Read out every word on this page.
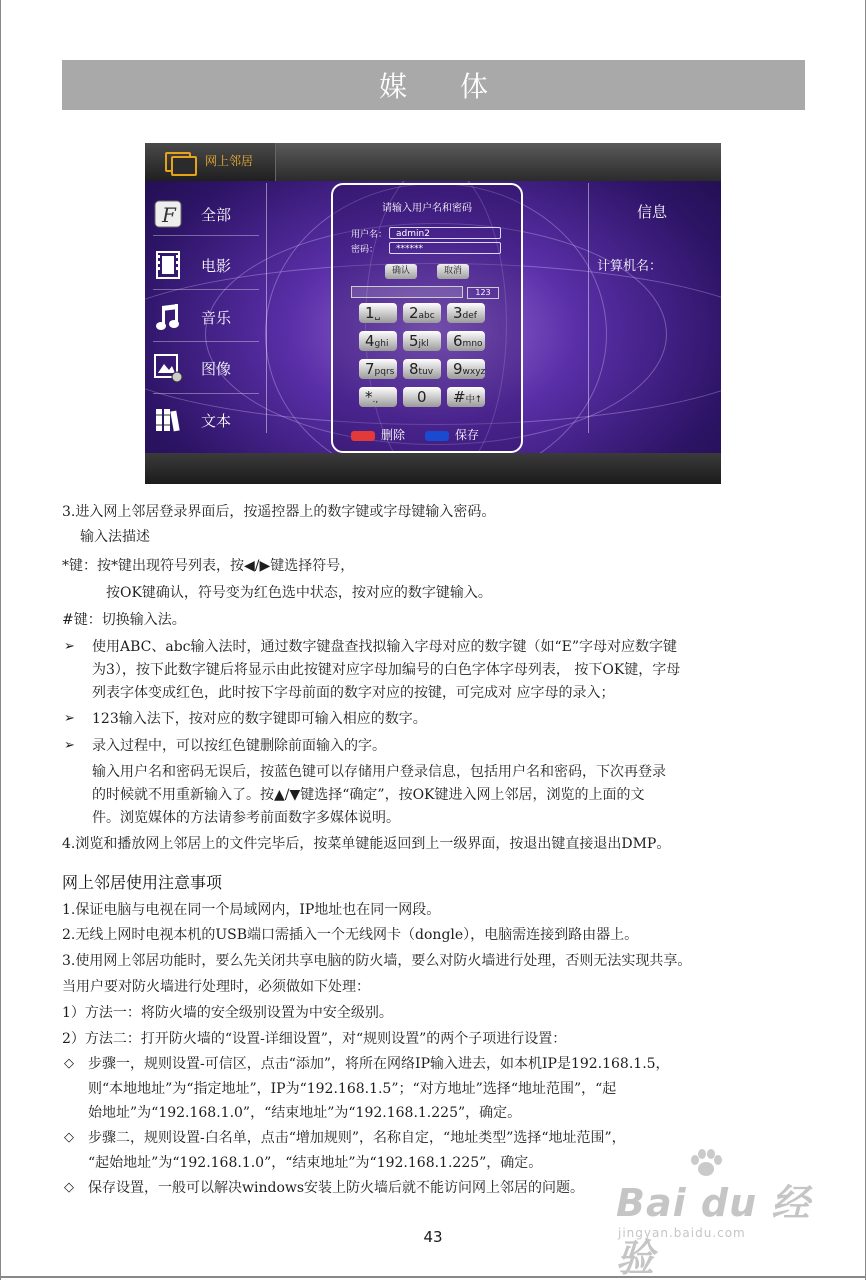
媒 体
网上邻居
F 全部
电影
音乐
图像
文本
请输入用户名和密码
用户名： admin2
密码：	******
确认	取消
123
1␣	2abc	3def
4ghi	5jkl	6mno
7pqrs 8tuv	9wxyz
*.,	0	#中↑
删除	保存
信息
计算机名：
3.进入网上邻居登录界面后，按遥控器上的数字键或字母键输入密码。
输入法描述
*键：按*键出现符号列表，按◀/▶键选择符号，
按OK键确认，符号变为红色选中状态，按对应的数字键输入。
#键：切换输入法。
➢ 使用ABC、abc输入法时，通过数字键盘查找拟输入字母对应的数字键（如“E”字母对应数字键
为3），按下此数字键后将显示由此按键对应字母加编号的白色字体字母列表， 按下OK键，字母
列表字体变成红色，此时按下字母前面的数字对应的按键，可完成对 应字母的录入；
➢ 123输入法下，按对应的数字键即可输入相应的数字。
➢ 录入过程中，可以按红色键删除前面输入的字。
输入用户名和密码无误后，按蓝色键可以存储用户登录信息，包括用户名和密码，下次再登录
的时候就不用重新输入了。按▲/▼键选择“确定”，按OK键进入网上邻居，浏览的上面的文
件。浏览媒体的方法请参考前面数字多媒体说明。
4.浏览和播放网上邻居上的文件完毕后，按菜单键能返回到上一级界面，按退出键直接退出DMP。
网上邻居使用注意事项
1.保证电脑与电视在同一个局域网内，IP地址也在同一网段。
2.无线上网时电视本机的USB端口需插入一个无线网卡（dongle），电脑需连接到路由器上。
3.使用网上邻居功能时，要么先关闭共享电脑的防火墙，要么对防火墙进行处理，否则无法实现共享。
当用户要对防火墙进行处理时，必须做如下处理：
1）方法一：将防火墙的安全级别设置为中安全级别。
2）方法二：打开防火墙的“设置-详细设置”，对“规则设置”的两个子项进行设置：
◇ 步骤一，规则设置-可信区，点击“添加”，将所在网络IP输入进去，如本机IP是192.168.1.5，
则“本地地址”为“指定地址”，IP为“192.168.1.5”；“对方地址”选择“地址范围”，“起
始地址”为“192.168.1.0”，“结束地址”为“192.168.1.225”，确定。
◇ 步骤二，规则设置-白名单，点击“增加规则”，名称自定，“地址类型”选择“地址范围”，
“起始地址”为“192.168.1.0”，“结束地址”为“192.168.1.225”，确定。
◇ 保存设置，一般可以解决windows安装上防火墙后就不能访问网上邻居的问题。
43
Bai du 经验
jingyan.baidu.com
